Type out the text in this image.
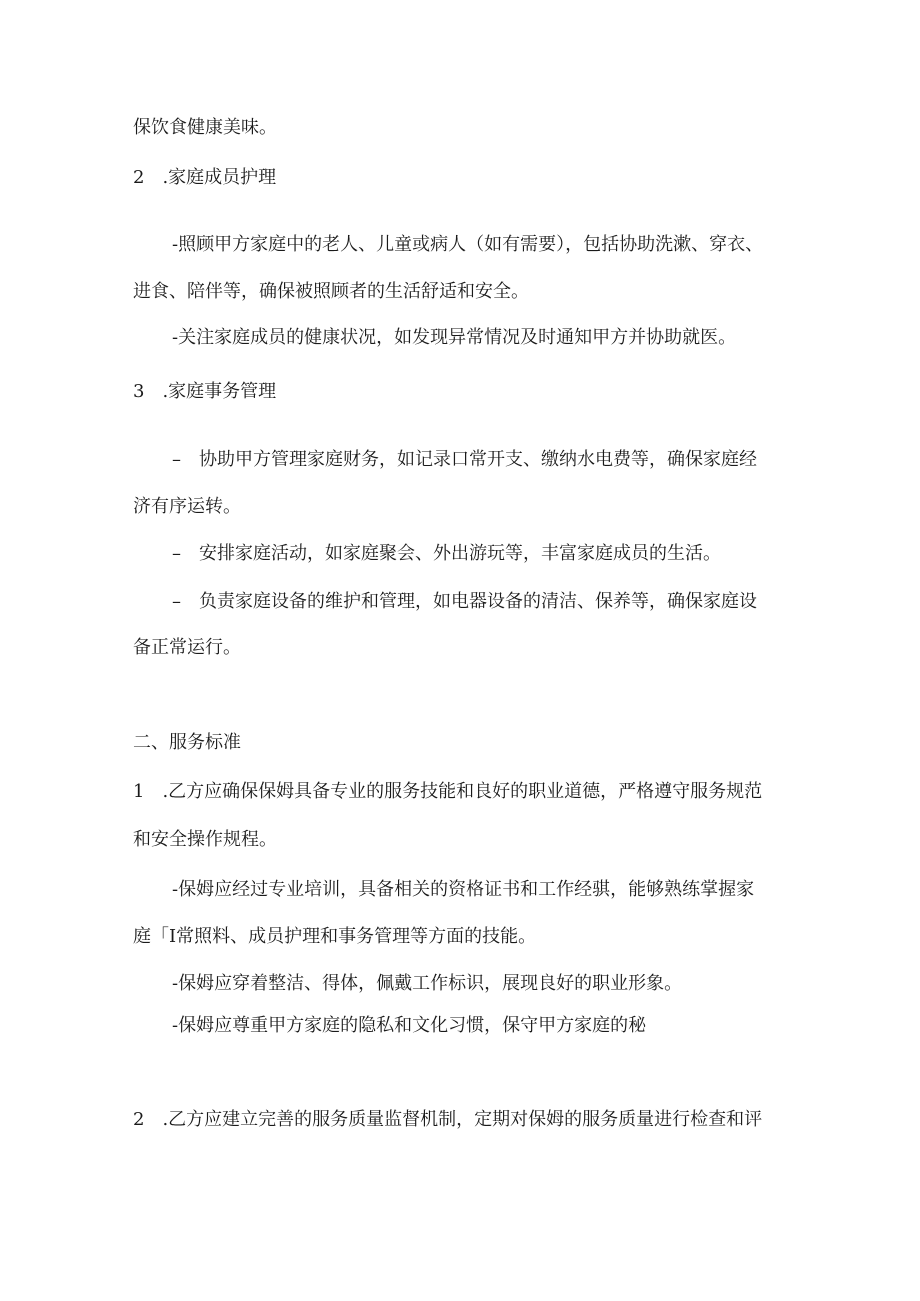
保饮食健康美味。

2　.家庭成员护理

-照顾甲方家庭中的老人、儿童或病人（如有需要），包括协助洗漱、穿衣、

进食、陪伴等，确保被照顾者的生活舒适和安全。

-关注家庭成员的健康状况，如发现异常情况及时通知甲方并协助就医。

3　.家庭事务管理

–　协助甲方管理家庭财务，如记录口常开支、缴纳水电费等，确保家庭经

济有序运转。

–　安排家庭活动，如家庭聚会、外出游玩等，丰富家庭成员的生活。

–　负责家庭设备的维护和管理，如电器设备的清洁、保养等，确保家庭设

备正常运行。

二、服务标准

1　.乙方应确保保姆具备专业的服务技能和良好的职业道德，严格遵守服务规范

和安全操作规程。

-保姆应经过专业培训，具备相关的资格证书和工作经骐，能够熟练掌握家

庭「I常照料、成员护理和事务管理等方面的技能。

-保姆应穿着整洁、得体，佩戴工作标识，展现良好的职业形象。

-保姆应尊重甲方家庭的隐私和文化习惯，保守甲方家庭的秘

2　.乙方应建立完善的服务质量监督机制，定期对保姆的服务质量进行检查和评
